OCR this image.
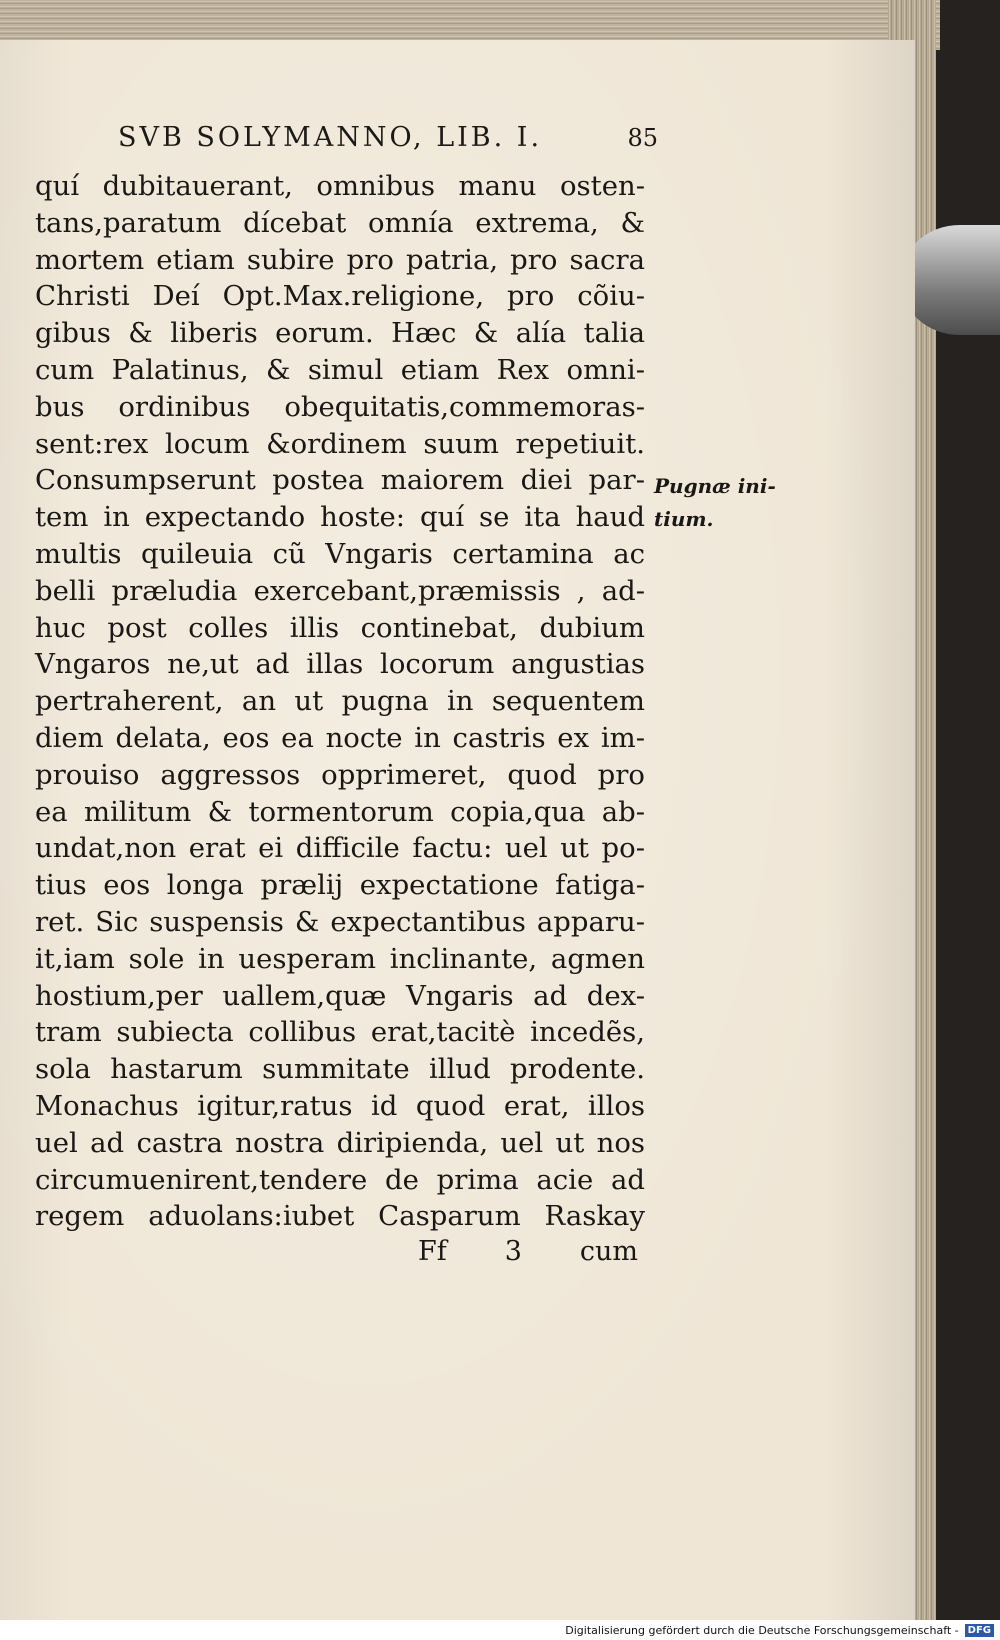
SVB SOLYMANNO, LIB. I.	85
quí dubitauerant, omnibus manu osten-
tans,paratum dícebat omnía extrema, &
mortem etiam subire pro patria, pro sacra
Christi Deí Opt.Max.religione, pro cõiu-
gibus & liberis eorum. Hæc & alía talia
cum Palatinus, & simul etiam Rex omni-
bus ordinibus obequitatis,commemoras-
sent:rex locum &ordinem suum repetiuit.
Consumpserunt postea maiorem diei par-
tem in expectando hoste: quí se ita haud
multis quileuia cũ Vngaris certamina ac
belli præludia exercebant,præmissis , ad-
huc post colles illis continebat, dubium
Vngaros ne,ut ad illas locorum angustias
pertraherent, an ut pugna in sequentem
diem delata, eos ea nocte in castris ex im-
prouiso aggressos opprimeret, quod pro
ea militum & tormentorum copia,qua ab-
undat,non erat ei difficile factu: uel ut po-
tius eos longa prælij expectatione fatiga-
ret. Sic suspensis & expectantibus apparu-
it,iam sole in uesperam inclinante, agmen
hostium,per uallem,quæ Vngaris ad dex-
tram subiecta collibus erat,tacitè incedẽs,
sola hastarum summitate illud prodente.
Monachus igitur,ratus id quod erat, illos
uel ad castra nostra diripienda, uel ut nos
circumuenirent,tendere de prima acie ad
regem aduolans:iubet Casparum Raskay
Pugnæ ini-
tium.
Ff 3 cum
Digitalisierung gefördert durch die Deutsche Forschungsgemeinschaft - DFG
